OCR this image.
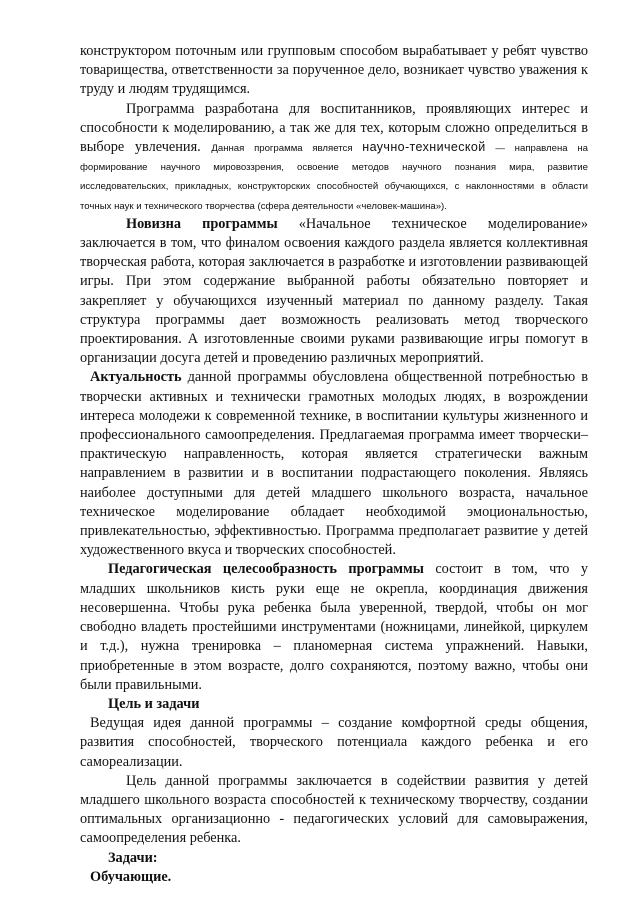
конструктором поточным или групповым способом вырабатывает у ребят чувство товарищества, ответственности за порученное дело, возникает чувство уважения к труду и людям трудящимся.

Программа разработана для воспитанников, проявляющих интерес и способности к моделированию, а так же для тех, которым сложно определиться в выборе увлечения. Данная программа является научно-технической — направлена на формирование научного мировоззрения, освоение методов научного познания мира, развитие исследовательских, прикладных, конструкторских способностей обучающихся, с наклонностями в области точных наук и технического творчества (сфера деятельности «человек-машина»).

Новизна программы «Начальное техническое моделирование» заключается в том, что финалом освоения каждого раздела является коллективная творческая работа, которая заключается в разработке и изготовлении развивающей игры. При этом содержание выбранной работы обязательно повторяет и закрепляет у обучающихся изученный материал по данному разделу. Такая структура программы дает возможность реализовать метод творческого проектирования. А изготовленные своими руками развивающие игры помогут в организации досуга детей и проведению различных мероприятий.

Актуальность данной программы обусловлена общественной потребностью в творчески активных и технически грамотных молодых людях, в возрождении интереса молодежи к современной технике, в воспитании культуры жизненного и профессионального самоопределения. Предлагаемая программа имеет творчески–практическую направленность, которая является стратегически важным направлением в развитии и в воспитании подрастающего поколения. Являясь наиболее доступными для детей младшего школьного возраста, начальное техническое моделирование обладает необходимой эмоциональностью, привлекательностью, эффективностью. Программа предполагает развитие у детей художественного вкуса и творческих способностей.

Педагогическая целесообразность программы состоит в том, что у младших школьников кисть руки еще не окрепла, координация движения несовершенна. Чтобы рука ребенка была уверенной, твердой, чтобы он мог свободно владеть простейшими инструментами (ножницами, линейкой, циркулем и т.д.), нужна тренировка – планомерная система упражнений. Навыки, приобретенные в этом возрасте, долго сохраняются, поэтому важно, чтобы они были правильными.

Цель и задачи

Ведущая идея данной программы – создание комфортной среды общения, развития способностей, творческого потенциала каждого ребенка и его самореализации.

Цель данной программы заключается в содействии развития у детей младшего школьного возраста способностей к техническому творчеству, создании оптимальных организационно - педагогических условий для самовыражения, самоопределения ребенка.

Задачи:

Обучающие.
